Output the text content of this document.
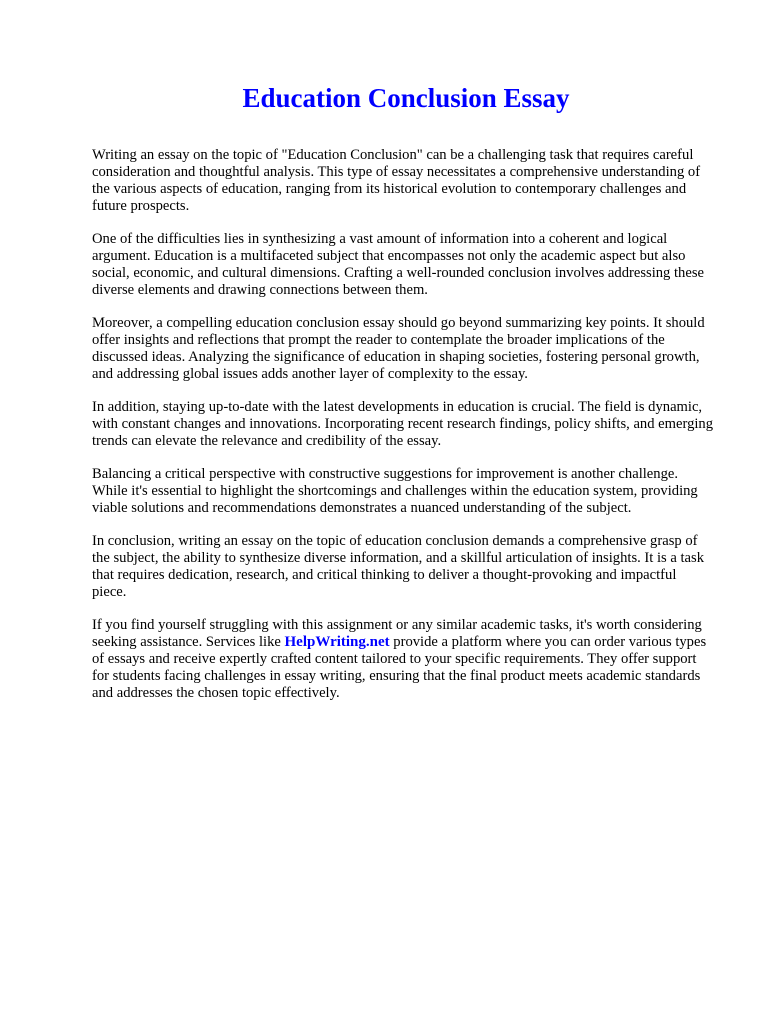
Education Conclusion Essay

Writing an essay on the topic of "Education Conclusion" can be a challenging task that requires careful consideration and thoughtful analysis. This type of essay necessitates a comprehensive understanding of the various aspects of education, ranging from its historical evolution to contemporary challenges and future prospects.

One of the difficulties lies in synthesizing a vast amount of information into a coherent and logical argument. Education is a multifaceted subject that encompasses not only the academic aspect but also social, economic, and cultural dimensions. Crafting a well-rounded conclusion involves addressing these diverse elements and drawing connections between them.

Moreover, a compelling education conclusion essay should go beyond summarizing key points. It should offer insights and reflections that prompt the reader to contemplate the broader implications of the discussed ideas. Analyzing the significance of education in shaping societies, fostering personal growth, and addressing global issues adds another layer of complexity to the essay.

In addition, staying up-to-date with the latest developments in education is crucial. The field is dynamic, with constant changes and innovations. Incorporating recent research findings, policy shifts, and emerging trends can elevate the relevance and credibility of the essay.

Balancing a critical perspective with constructive suggestions for improvement is another challenge. While it's essential to highlight the shortcomings and challenges within the education system, providing viable solutions and recommendations demonstrates a nuanced understanding of the subject.

In conclusion, writing an essay on the topic of education conclusion demands a comprehensive grasp of the subject, the ability to synthesize diverse information, and a skillful articulation of insights. It is a task that requires dedication, research, and critical thinking to deliver a thought-provoking and impactful piece.

If you find yourself struggling with this assignment or any similar academic tasks, it's worth considering seeking assistance. Services like HelpWriting.net provide a platform where you can order various types of essays and receive expertly crafted content tailored to your specific requirements. They offer support for students facing challenges in essay writing, ensuring that the final product meets academic standards and addresses the chosen topic effectively.
